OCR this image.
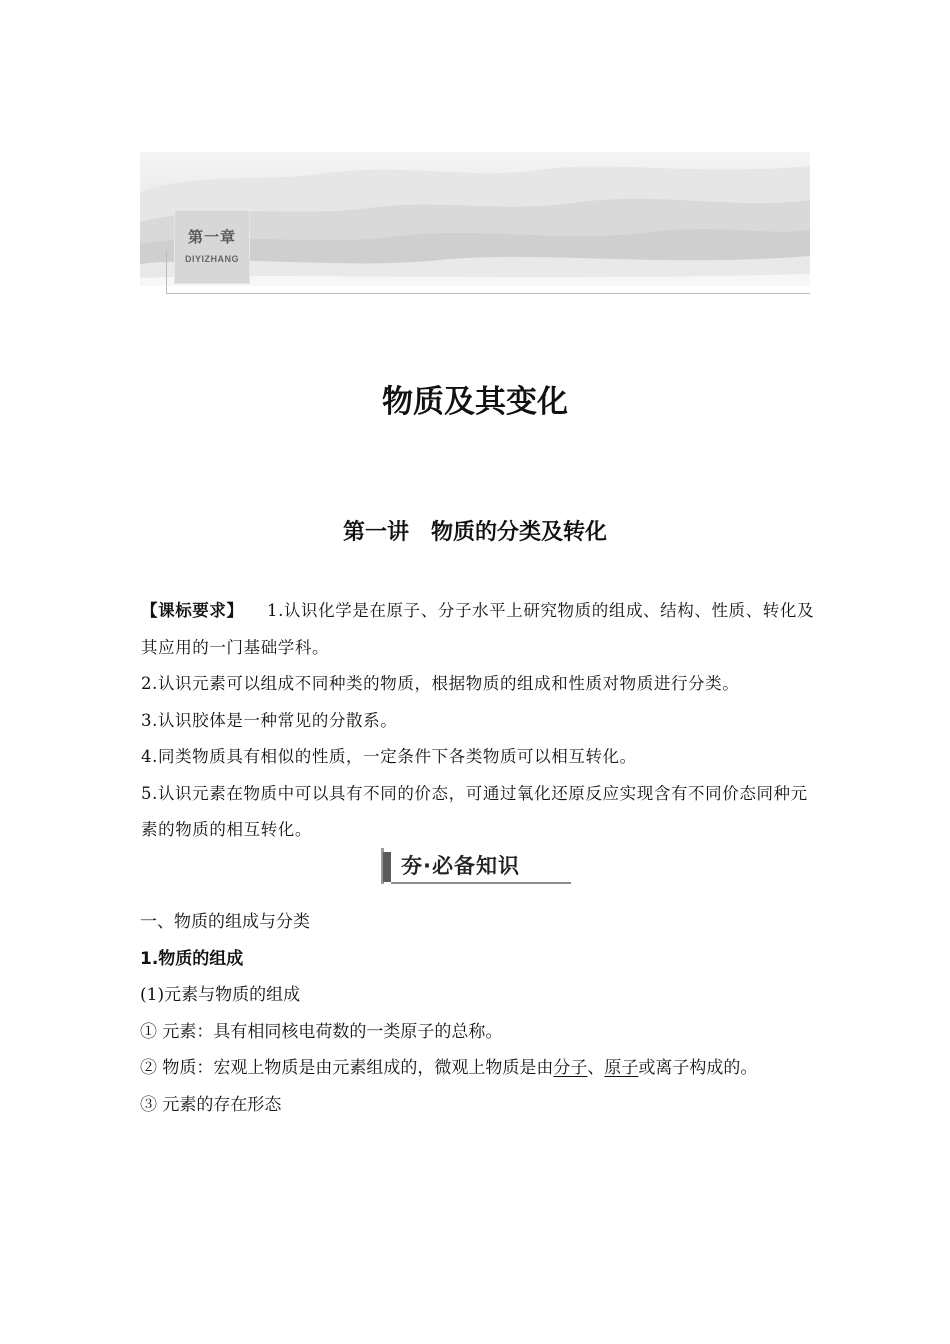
第一章
DIYIZHANG
物质及其变化
第一讲　物质的分类及转化

【课标要求】 1.认识化学是在原子、分子水平上研究物质的组成、结构、性质、转化及其应用的一门基础学科。

2.认识元素可以组成不同种类的物质，根据物质的组成和性质对物质进行分类。

3.认识胶体是一种常见的分散系。

4.同类物质具有相似的性质，一定条件下各类物质可以相互转化。

5.认识元素在物质中可以具有不同的价态，可通过氧化还原反应实现含有不同价态同种元素的物质的相互转化。

夯·必备知识

一、物质的组成与分类

1.物质的组成

(1)元素与物质的组成

① 元素：具有相同核电荷数的一类原子的总称。

② 物质：宏观上物质是由元素组成的，微观上物质是由分子、原子或离子构成的。

③ 元素的存在形态
